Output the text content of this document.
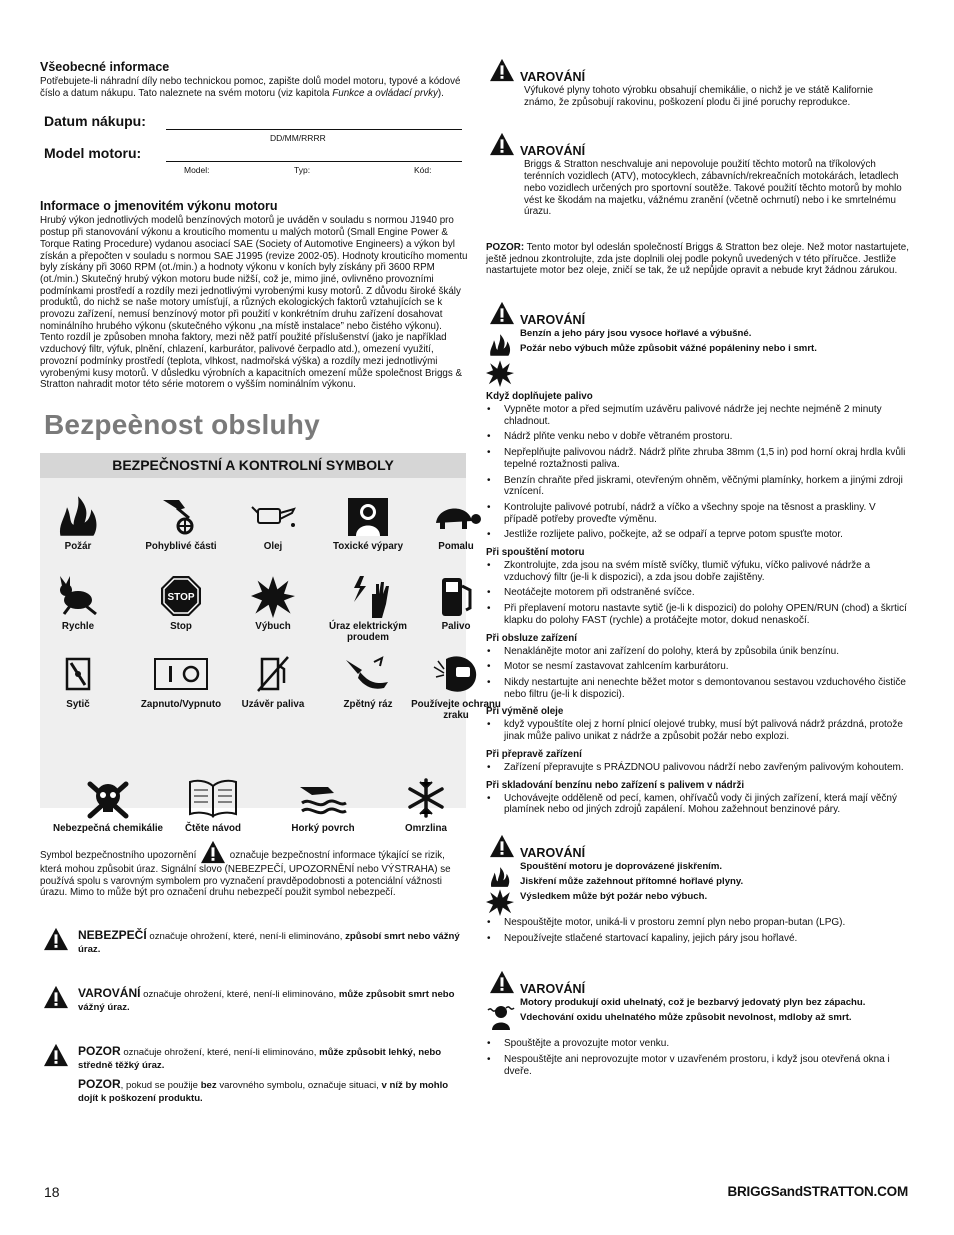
Všeobecné informace

Potřebujete-li náhradní díly nebo technickou pomoc, zapište dolů model motoru, typové a kódové číslo a datum nákupu. Tato naleznete na svém motoru (viz kapitola Funkce a ovládací prvky).

Datum nákupu:
DD/MM/RRRR
Model motoru:
Model:	Typ:	Kód:
Informace o jmenovitém výkonu motoru

Hrubý výkon jednotlivých modelů benzínových motorů je uváděn v souladu s normou J1940 pro postup při stanovování výkonu a krouticího momentu u malých motorů (Small Engine Power & Torque Rating Procedure) vydanou asociací SAE (Society of Automotive Engineers) a výkon byl získán a přepočten v souladu s normou SAE J1995 (revize 2002-05). Hodnoty krouticího momentu byly získány při 3060 RPM (ot./min.) a hodnoty výkonu v koních byly získány při 3600 RPM (ot./min.) Skutečný hrubý výkon motoru bude nižší, což je, mimo jiné, ovlivněno provozními podmínkami prostředí a rozdíly mezi jednotlivými vyrobenými kusy motorů. Z důvodu široké škály produktů, do nichž se naše motory umísťují, a různých ekologických faktorů vztahujících se k provozu zařízení, nemusí benzínový motor při použití v konkrétním druhu zařízení dosahovat nominálního hrubého výkonu (skutečného výkonu „na místě instalace” nebo čistého výkonu). Tento rozdíl je způsoben mnoha faktory, mezi něž patří použité příslušenství (jako je například vzduchový filtr, výfuk, plnění, chlazení, karburátor, palivové čerpadlo atd.), omezení využití, provozní podmínky prostředí (teplota, vlhkost, nadmořská výška) a rozdíly mezi jednotlivými vyrobenými kusy motorů. V důsledku výrobních a kapacitních omezení může společnost Briggs & Stratton nahradit motor této série motorem o vyšším nominálním výkonu.

Bezpeènost obsluhy
BEZPEČNOSTNÍ A KONTROLNÍ SYMBOLY
Požár	Pohyblivé části	Olej	Toxické výpary	Pomalu
Rychle
STOP
Stop	Výbuch	Úraz elektrickým proudem
Palivo
Sytič	Zapnuto/Vypnuto	Uzávěr paliva	Zpětný ráz	Používejte ochranu zraku
Nebezpečná chemikálie	Čtěte návod	Horký povrch	Omrzlina

Symbol bezpečnostního upozornění	označuje bezpečnostní informace týkající se rizik, která mohou způsobit úraz. Signální slovo (NEBEZPEČÍ, UPOZORNĚNÍ nebo VÝSTRAHA) se používá spolu s varovným symbolem pro vyznačení pravděpodobnosti a potenciální vážnosti úrazu. Mimo to může být pro označení druhu nebezpečí použit symbol nebezpečí.

NEBEZPEČÍ označuje ohrožení, které, není-li eliminováno, způsobí smrt nebo vážný úraz.
VAROVÁNÍ označuje ohrožení, které, není-li eliminováno, může způsobit smrt nebo vážný úraz.
POZOR označuje ohrožení, které, není-li eliminováno, může způsobit lehký, nebo středně těžký úraz.
POZOR, pokud se použije bez varovného symbolu, označuje situaci, v níž by mohlo dojít k poškození produktu.
VAROVÁNÍ
Výfukové plyny tohoto výrobku obsahují chemikálie, o nichž je ve státě Kalifornie známo, že způsobují rakovinu, poškození plodu či jiné poruchy reprodukce.
VAROVÁNÍ
Briggs & Stratton neschvaluje ani nepovoluje použití těchto motorů na tříkolových terénních vozidlech (ATV), motocyklech, zábavních/rekreačních motokárách, letadlech nebo vozidlech určených pro sportovní soutěže. Takové použití těchto motorů by mohlo vést ke škodám na majetku, vážnému zranění (včetně ochrnutí) nebo i ke smrtelnému úrazu.

POZOR: Tento motor byl odeslán společností Briggs & Stratton bez oleje. Než motor nastartujete, ještě jednou zkontrolujte, zda jste doplnili olej podle pokynů uvedených v této příručce. Jestliže nastartujete motor bez oleje, zničí se tak, že už nepůjde opravit a nebude kryt žádnou zárukou.

VAROVÁNÍ
Benzín a jeho páry jsou vysoce hořlavé a výbušné.
Požár nebo výbuch může způsobit vážné popáleniny nebo i smrt.
Když doplňujete palivo
• Vypněte motor a před sejmutím uzávěru palivové nádrže jej nechte nejméně 2 minuty chladnout.
• Nádrž plňte venku nebo v dobře větraném prostoru.
• Nepřeplňujte palivovou nádrž. Nádrž plňte zhruba 38mm (1,5 in) pod horní okraj hrdla kvůli tepelné roztažnosti paliva.
• Benzín chraňte před jiskrami, otevřeným ohněm, věčnými plamínky, horkem a jinými zdroji vznícení.
• Kontrolujte palivové potrubí, nádrž a víčko a všechny spoje na těsnost a praskliny. V případě potřeby proveďte výměnu.
• Jestliže rozlijete palivo, počkejte, až se odpaří a teprve potom spusťte motor.
Při spouštění motoru
• Zkontrolujte, zda jsou na svém místě svíčky, tlumič výfuku, víčko palivové nádrže a vzduchový filtr (je-li k dispozici), a zda jsou dobře zajištěny.
• Neotáčejte motorem při odstraněné svíčce.
• Při přeplavení motoru nastavte sytič (je-li k dispozici) do polohy OPEN/RUN (chod) a škrticí klapku do polohy FAST (rychle) a protáčejte motor, dokud nenaskočí.
Při obsluze zařízení
• Nenaklánějte motor ani zařízení do polohy, která by způsobila únik benzínu.
• Motor se nesmí zastavovat zahlcením karburátoru.
• Nikdy nestartujte ani nenechte běžet motor s demontovanou sestavou vzduchového čističe nebo filtru (je-li k dispozici).
Při výměně oleje
• když vypouštíte olej z horní plnicí olejové trubky, musí být palivová nádrž prázdná, protože jinak může palivo unikat z nádrže a způsobit požár nebo explozi.
Při přepravě zařízení
• Zařízení přepravujte s PRÁZDNOU palivovou nádrží nebo zavřeným palivovým kohoutem.
Při skladování benzínu nebo zařízení s palivem v nádrži
• Uchovávejte odděleně od pecí, kamen, ohřívačů vody či jiných zařízení, která mají věčný plamínek nebo od jiných zdrojů zapálení. Mohou zažehnout benzinové páry.
VAROVÁNÍ
Spouštění motoru je doprovázené jiskřením.
Jiskření může zažehnout přítomné hořlavé plyny.
Výsledkem může být požár nebo výbuch.
• Nespouštějte motor, uniká-li v prostoru zemní plyn nebo propan-butan (LPG).
• Nepoužívejte stlačené startovací kapaliny, jejich páry jsou hořlavé.
VAROVÁNÍ
Motory produkují oxid uhelnatý, což je bezbarvý jedovatý plyn bez zápachu.
Vdechování oxidu uhelnatého může způsobit nevolnost, mdloby až smrt.
• Spouštějte a provozujte motor venku.
• Nespouštějte ani neprovozujte motor v uzavřeném prostoru, i když jsou otevřená okna i dveře.
18	BRIGGSandSTRATTON.COM
